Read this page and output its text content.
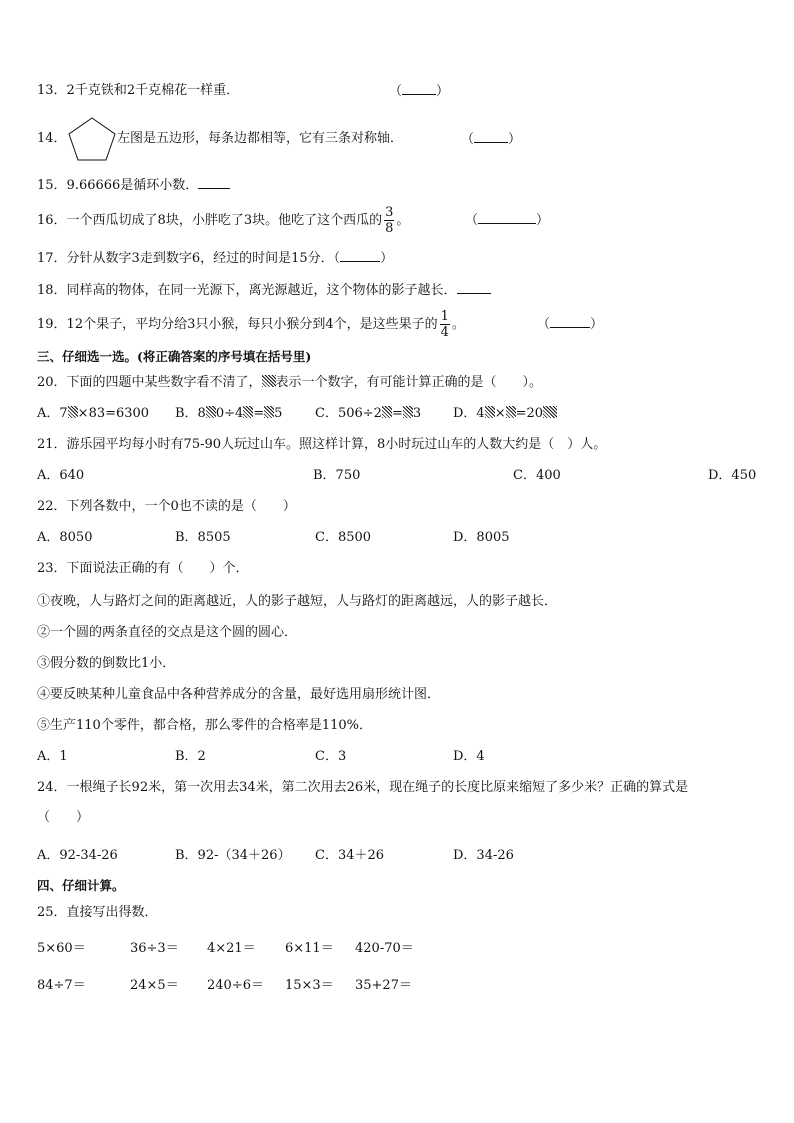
13．2千克铁和2千克棉花一样重．	（	）
14．	左图是五边形，每条边都相等，它有三条对称轴．	（	）
15．9.66666是循环小数．
16．一个西瓜切成了8块，小胖吃了3块。他吃了这个西瓜的 $\frac{3}{8}$ 。	（	）
17．分针从数字3走到数字6，经过的时间是15分．（	）
18．同样高的物体，在同一光源下，离光源越近，这个物体的影子越长．
19．12个果子，平均分给3只小猴，每只小猴分到4个，是这些果子的 $\frac{1}{4}$ 。	（	）
三、仔细选一选。(将正确答案的序号填在括号里)
20．下面的四题中某些数字看不清了， 表示一个数字，有可能计算正确的是（　　）。
A．7 ×83=6300 B．8 0÷4 = 5	C．506÷2 = 3 D．4 × =20
21．游乐园平均每小时有75-90人玩过山车。照这样计算，8小时玩过山车的人数大约是（　）人。
A．640	B．750	C．400	D．450
22．下列各数中，一个0也不读的是（　　）
A．8050	B．8505	C．8500	D．8005
23．下面说法正确的有（　　）个．
①夜晚，人与路灯之间的距离越近，人的影子越短，人与路灯的距离越远，人的影子越长．
②一个圆的两条直径的交点是这个圆的圆心．
③假分数的倒数比1小．
④要反映某种儿童食品中各种营养成分的含量，最好选用扇形统计图．
⑤生产110个零件，都合格，那么零件的合格率是110%．
A．1	B．2	C．3	D．4
24．一根绳子长92米，第一次用去34米，第二次用去26米，现在绳子的长度比原来缩短了多少米？正确的算式是
（　　）
A．92-34-26	B．92-（34＋26） C．34＋26	D．34-26
四、仔细计算。
25．直接写出得数．
5×60＝	36÷3＝ 4×21＝ 6×11＝ 420-70＝
84÷7＝	24×5＝ 240÷6＝ 15×3＝ 35+27＝
